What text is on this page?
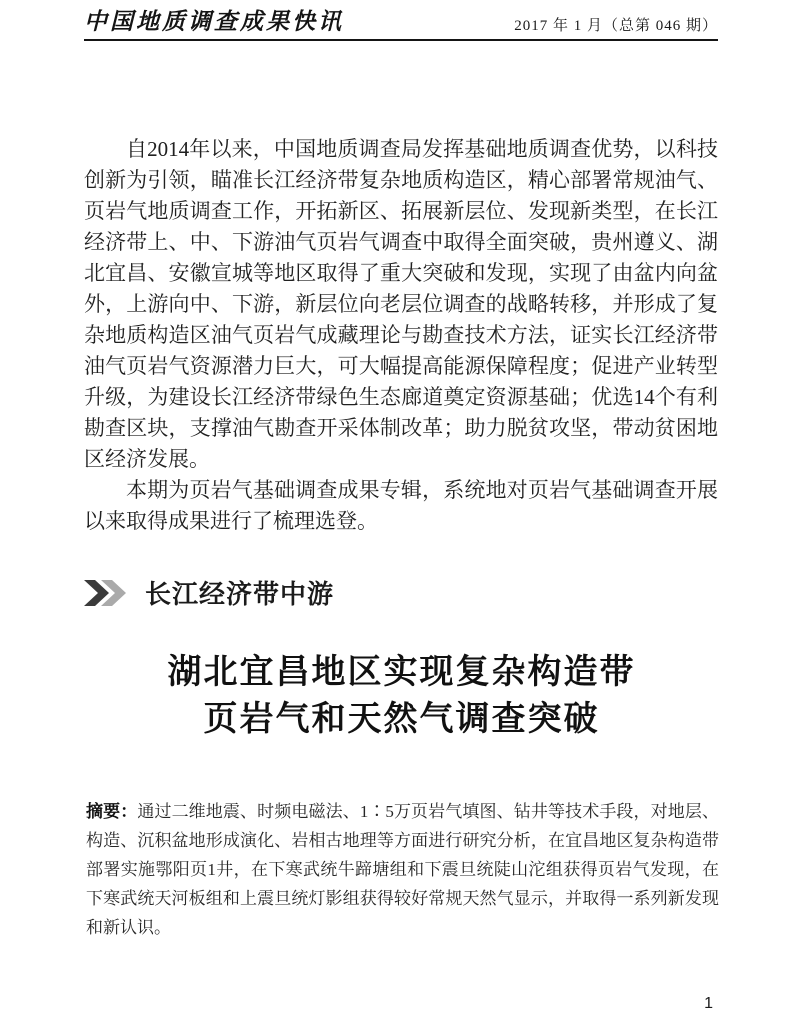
中国地质调查成果快讯	2017 年 1 月（总第 046 期）

自2014年以来，中国地质调查局发挥基础地质调查优势，以科技创新为引领，瞄准长江经济带复杂地质构造区，精心部署常规油气、页岩气地质调查工作，开拓新区、拓展新层位、发现新类型，在长江经济带上、中、下游油气页岩气调查中取得全面突破，贵州遵义、湖北宜昌、安徽宣城等地区取得了重大突破和发现，实现了由盆内向盆外，上游向中、下游，新层位向老层位调查的战略转移，并形成了复杂地质构造区油气页岩气成藏理论与勘查技术方法，证实长江经济带油气页岩气资源潜力巨大，可大幅提高能源保障程度；促进产业转型升级，为建设长江经济带绿色生态廊道奠定资源基础；优选14个有利勘查区块，支撑油气勘查开采体制改革；助力脱贫攻坚，带动贫困地区经济发展。

本期为页岩气基础调查成果专辑，系统地对页岩气基础调查开展以来取得成果进行了梳理选登。

长江经济带中游
湖北宜昌地区实现复杂构造带
页岩气和天然气调查突破

摘要：通过二维地震、时频电磁法、1∶5万页岩气填图、钻井等技术手段，对地层、构造、沉积盆地形成演化、岩相古地理等方面进行研究分析，在宜昌地区复杂构造带部署实施鄂阳页1井，在下寒武统牛蹄塘组和下震旦统陡山沱组获得页岩气发现，在下寒武统天河板组和上震旦统灯影组获得较好常规天然气显示，并取得一系列新发现和新认识。

1
